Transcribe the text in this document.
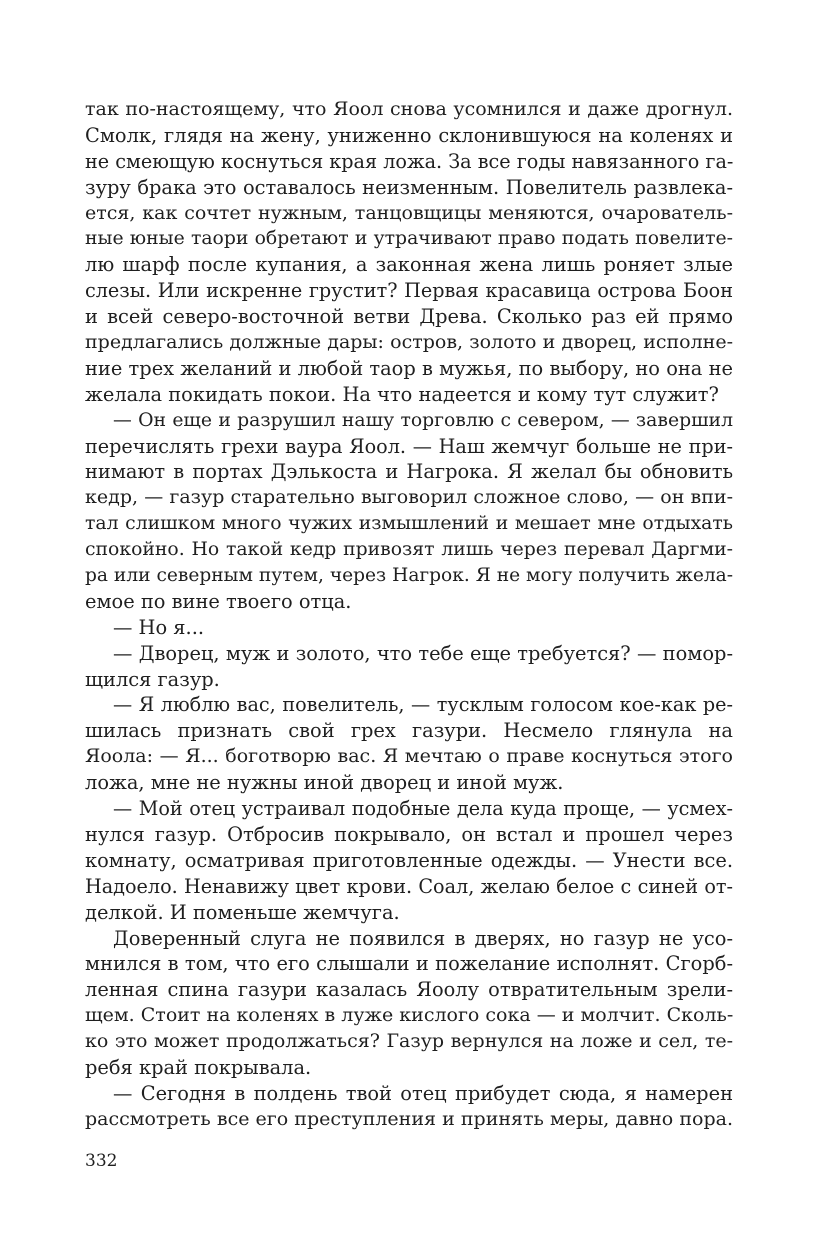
так по-настоящему, что Яоол снова усомнился и даже дрогнул.
Смолк, глядя на жену, униженно склонившуюся на коленях и
не смеющую коснуться края ложа. За все годы навязанного га-
зуру брака это оставалось неизменным. Повелитель развлека-
ется, как сочтет нужным, танцовщицы меняются, очарователь-
ные юные таори обретают и утрачивают право подать повелите-
лю шарф после купания, а законная жена лишь роняет злые
слезы. Или искренне грустит? Первая красавица острова Боон
и всей северо-восточной ветви Древа. Сколько раз ей прямо
предлагались должные дары: остров, золото и дворец, исполне-
ние трех желаний и любой таор в мужья, по выбору, но она не
желала покидать покои. На что надеется и кому тут служит?
— Он еще и разрушил нашу торговлю с севером, — завершил
перечислять грехи ваура Яоол. — Наш жемчуг больше не при-
нимают в портах Дэлькоста и Нагрока. Я желал бы обновить
кедр, — газур старательно выговорил сложное слово, — он впи-
тал слишком много чужих измышлений и мешает мне отдыхать
спокойно. Но такой кедр привозят лишь через перевал Даргми-
ра или северным путем, через Нагрок. Я не могу получить жела-
емое по вине твоего отца.
— Но я...
— Дворец, муж и золото, что тебе еще требуется? — помор-
щился газур.
— Я люблю вас, повелитель, — тусклым голосом кое-как ре-
шилась признать свой грех газури. Несмело глянула на
Яоола: — Я... боготворю вас. Я мечтаю о праве коснуться этого
ложа, мне не нужны иной дворец и иной муж.
— Мой отец устраивал подобные дела куда проще, — усмех-
нулся газур. Отбросив покрывало, он встал и прошел через
комнату, осматривая приготовленные одежды. — Унести все.
Надоело. Ненавижу цвет крови. Соал, желаю белое с синей от-
делкой. И поменьше жемчуга.
Доверенный слуга не появился в дверях, но газур не усо-
мнился в том, что его слышали и пожелание исполнят. Сгорб-
ленная спина газури казалась Яоолу отвратительным зрели-
щем. Стоит на коленях в луже кислого сока — и молчит. Сколь-
ко это может продолжаться? Газур вернулся на ложе и сел, те-
ребя край покрывала.
— Сегодня в полдень твой отец прибудет сюда, я намерен
рассмотреть все его преступления и принять меры, давно пора.
332
